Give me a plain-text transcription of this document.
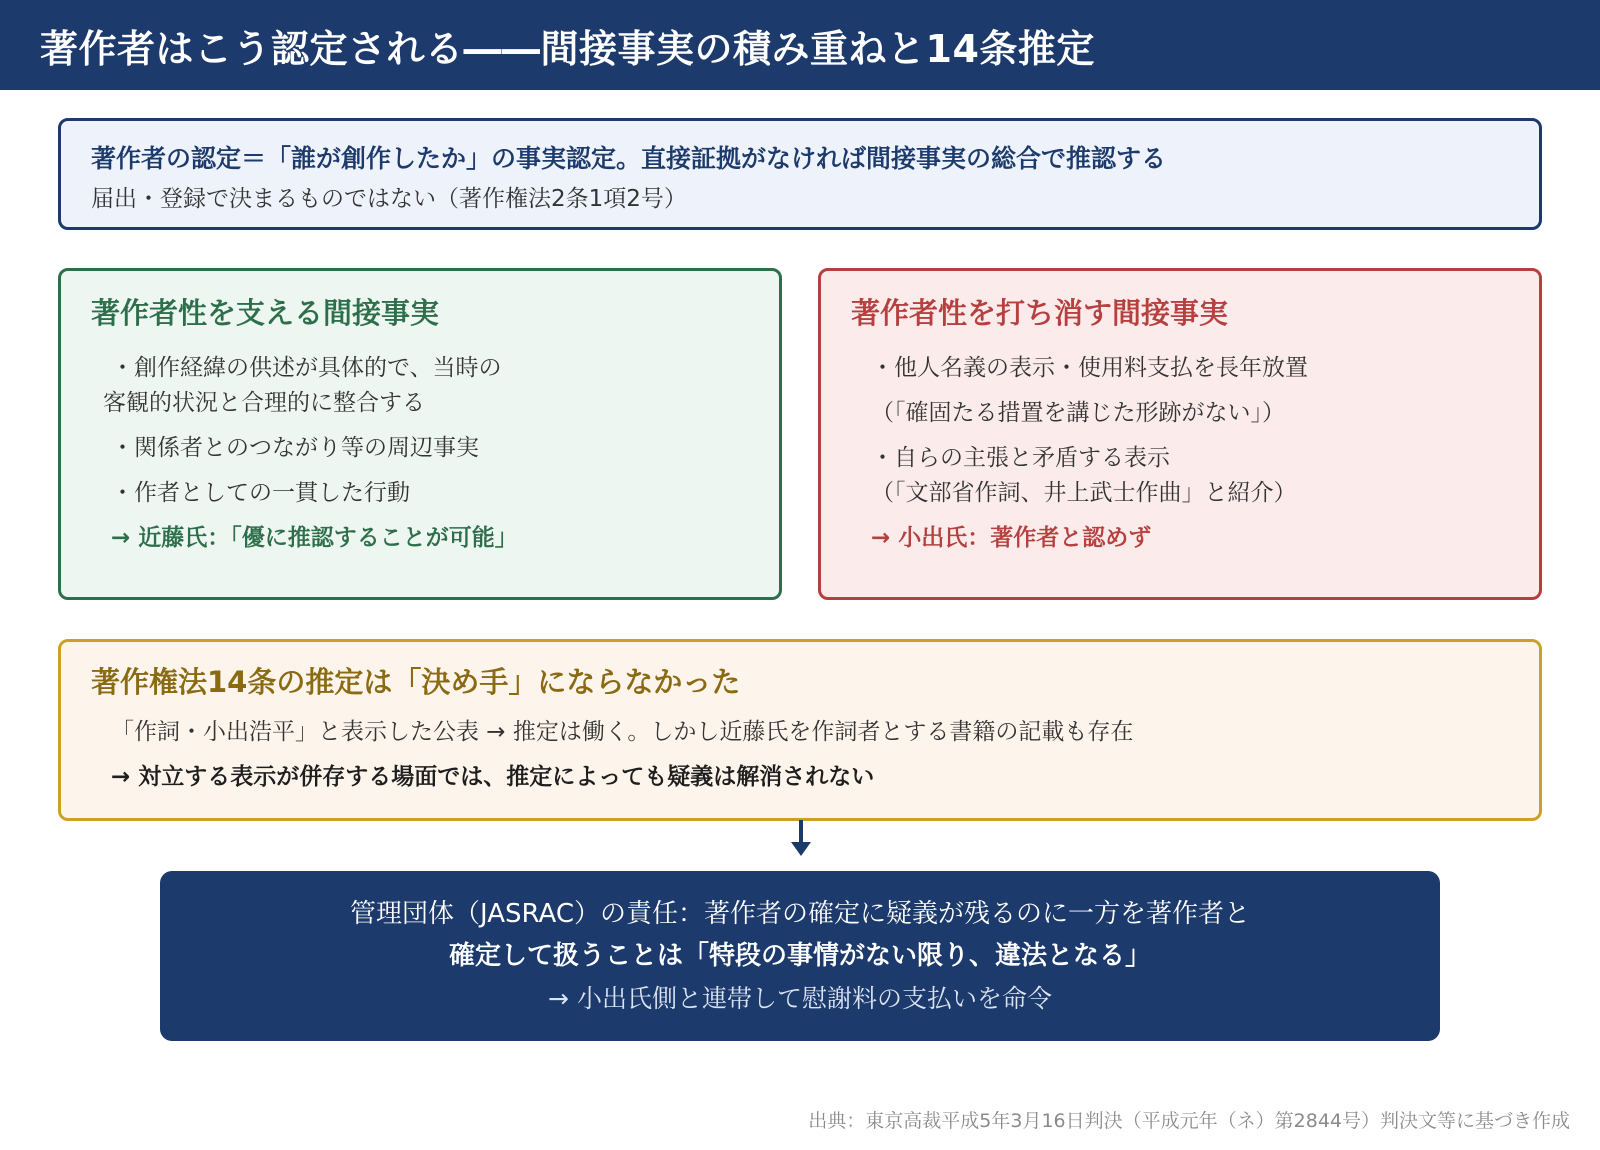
著作者はこう認定される――間接事実の積み重ねと14条推定
著作者の認定＝「誰が創作したか」の事実認定。直接証拠がなければ間接事実の総合で推認する
届出・登録で決まるものではない（著作権法2条1項2号）
著作者性を支える間接事実
・創作経緯の供述が具体的で、当時の
客観的状況と合理的に整合する
・関係者とのつながり等の周辺事実
・作者としての一貫した行動
→ 近藤氏：「優に推認することが可能」
著作者性を打ち消す間接事実
・他人名義の表示・使用料支払を長年放置
（「確固たる措置を講じた形跡がない」）
・自らの主張と矛盾する表示
（「文部省作詞、井上武士作曲」と紹介）
→ 小出氏：著作者と認めず
著作権法14条の推定は「決め手」にならなかった
「作詞・小出浩平」と表示した公表 → 推定は働く。しかし近藤氏を作詞者とする書籍の記載も存在
→ 対立する表示が併存する場面では、推定によっても疑義は解消されない
管理団体（JASRAC）の責任：著作者の確定に疑義が残るのに一方を著作者と
確定して扱うことは「特段の事情がない限り、違法となる」
→ 小出氏側と連帯して慰謝料の支払いを命令
出典：東京高裁平成5年3月16日判決（平成元年（ネ）第2844号）判決文等に基づき作成
